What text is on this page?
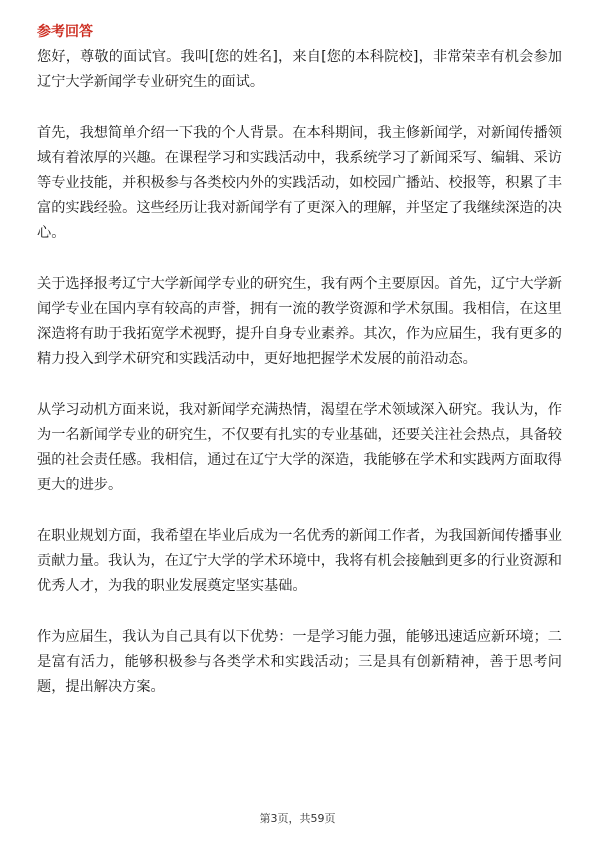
参考回答

您好，尊敬的面试官。我叫[您的姓名]，来自[您的本科院校]，非常荣幸有机会参加辽宁大学新闻学专业研究生的面试。

首先，我想简单介绍一下我的个人背景。在本科期间，我主修新闻学，对新闻传播领域有着浓厚的兴趣。在课程学习和实践活动中，我系统学习了新闻采写、编辑、采访等专业技能，并积极参与各类校内外的实践活动，如校园广播站、校报等，积累了丰富的实践经验。这些经历让我对新闻学有了更深入的理解，并坚定了我继续深造的决心。

关于选择报考辽宁大学新闻学专业的研究生，我有两个主要原因。首先，辽宁大学新闻学专业在国内享有较高的声誉，拥有一流的教学资源和学术氛围。我相信，在这里深造将有助于我拓宽学术视野，提升自身专业素养。其次，作为应届生，我有更多的精力投入到学术研究和实践活动中，更好地把握学术发展的前沿动态。

从学习动机方面来说，我对新闻学充满热情，渴望在学术领域深入研究。我认为，作为一名新闻学专业的研究生，不仅要有扎实的专业基础，还要关注社会热点，具备较强的社会责任感。我相信，通过在辽宁大学的深造，我能够在学术和实践两方面取得更大的进步。

在职业规划方面，我希望在毕业后成为一名优秀的新闻工作者，为我国新闻传播事业贡献力量。我认为，在辽宁大学的学术环境中，我将有机会接触到更多的行业资源和优秀人才，为我的职业发展奠定坚实基础。

作为应届生，我认为自己具有以下优势：一是学习能力强，能够迅速适应新环境；二是富有活力，能够积极参与各类学术和实践活动；三是具有创新精神，善于思考问题，提出解决方案。

第3页，共59页
